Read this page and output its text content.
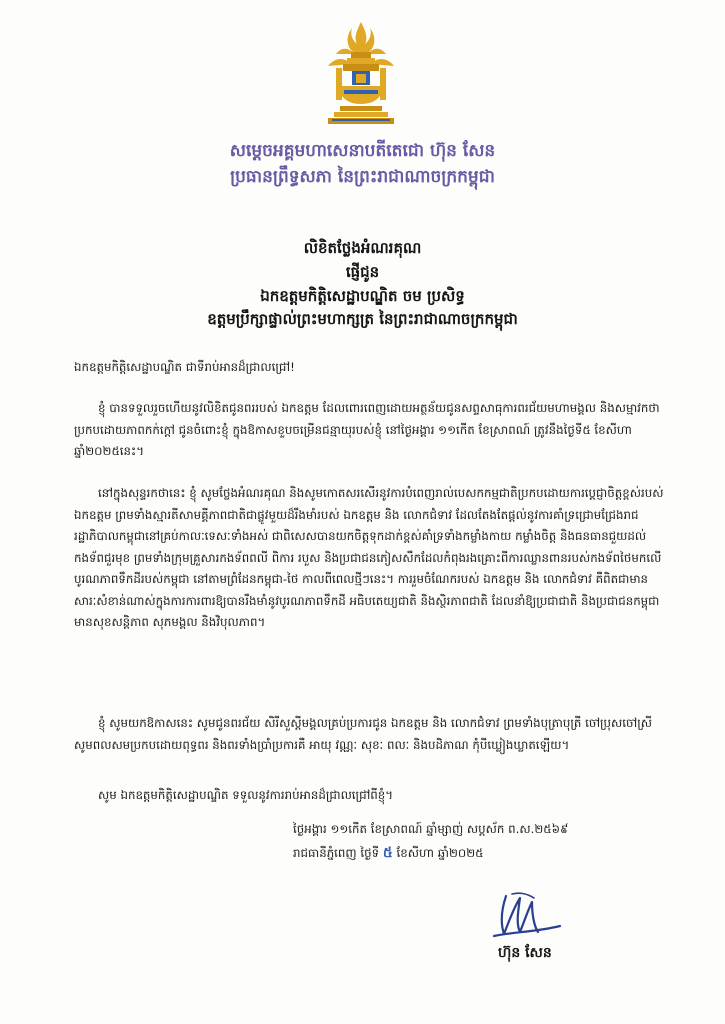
សម្តេចអគ្គមហាសេនាបតីតេជោ ហ៊ុន សែន
ប្រធានព្រឹទ្ធសភា នៃព្រះរាជាណាចក្រកម្ពុជា
លិខិតថ្លែងអំណរគុណ
ផ្ញើជូន
ឯកឧត្តមកិត្តិសេដ្ឋាបណ្ឌិត ចម ប្រសិទ្ធ
ឧត្តមប្រឹក្សាផ្ទាល់ព្រះមហាក្សត្រ នៃព្រះរាជាណាចក្រកម្ពុជា
ឯកឧត្តមកិត្តិសេដ្ឋាបណ្ឌិត ជាទីរាប់អានដ៏ជ្រាលជ្រៅ!
ខ្ញុំ បានទទួលរួចហើយនូវលិខិតជូនពររបស់ ឯកឧត្តម ដែលពោរពេញដោយអត្ថន័យជូនសព្ទសាធុការពរជ័យមហាមង្គល និងសម្មាវកថាប្រកបដោយភាពកក់ក្តៅ ជូនចំពោះខ្ញុំ ក្នុងឱកាសខួបចម្រើនជន្មាយុរបស់ខ្ញុំ នៅថ្ងៃអង្គារ ១១កើត ខែស្រាពណ៍ ត្រូវនឹងថ្ងៃទី៥ ខែសីហា ឆ្នាំ២០២៥នេះ។
នៅក្នុងសុន្ទរកថានេះ ខ្ញុំ សូមថ្លែងអំណរគុណ និងសូមកោតសរសើរនូវការបំពេញរាល់បេសកកម្មជាតិប្រកបដោយការប្តេជ្ញាចិត្តខ្ពស់របស់ ឯកឧត្តម ព្រមទាំងស្មារតីសាមគ្គីភាពជាតិជាផ្លូវមួយដ៏រឹងមាំរបស់ ឯកឧត្តម និង លោកជំទាវ ដែលតែងតែផ្តល់នូវការគាំទ្រជ្រោមជ្រែងរាជរដ្ឋាភិបាលកម្ពុជានៅគ្រប់កាលៈទេសៈទាំងអស់ ជាពិសេសបានយកចិត្តទុកដាក់ខ្ពស់គាំទ្រទាំងកម្លាំងកាយ កម្លាំងចិត្ត និងធនធានជួយដល់កងទ័ពជួរមុខ ព្រមទាំងក្រុមគ្រួសារកងទ័ពពលី ពិការ របួស និងប្រជាជនភៀសសឹកដែលកំពុងរងគ្រោះពីការឈ្លានពានរបស់កងទ័ពថៃមកលើបូរណភាពទឹកដីរបស់កម្ពុជា នៅតាមព្រំដែនកម្ពុជា-ថៃ កាលពីពេលថ្មីៗនេះ។ ការរួមចំណែករបស់ ឯកឧត្តម និង លោកជំទាវ គឺពិតជាមានសារៈសំខាន់ណាស់ក្នុងការការពារឱ្យបានរឹងមាំនូវបូរណភាពទឹកដី អធិបតេយ្យជាតិ និងស្ថិរភាពជាតិ ដែលនាំឱ្យប្រជាជាតិ និងប្រជាជនកម្ពុជាមានសុខសន្តិភាព សុភមង្គល និងវិបុលភាព។
ខ្ញុំ សូមយកឱកាសនេះ សូមជូនពរជ័យ សិរីសួស្តីមង្គលគ្រប់ប្រការជូន ឯកឧត្តម និង លោកជំទាវ ព្រមទាំងបុត្រាបុត្រី ចៅប្រុសចៅស្រី សូមពលសមប្រកបដោយពុទ្ធពរ និងពរទាំងប្រាំប្រការគឺ អាយុ វណ្ណៈ សុខៈ ពលៈ និងបដិភាណ កុំបីឃ្លៀងឃ្លាតឡើយ។
សូម ឯកឧត្តមកិត្តិសេដ្ឋាបណ្ឌិត ទទួលនូវការរាប់អានដ៏ជ្រាលជ្រៅពីខ្ញុំ។
ថ្ងៃអង្គារ ១១កើត ខែស្រាពណ៍ ឆ្នាំម្សាញ់ សប្តស័ក ព.ស.២៥៦៩
រាជធានីភ្នំពេញ ថ្ងៃទី ៥ ខែសីហា ឆ្នាំ២០២៥
ហ៊ុន សែន
